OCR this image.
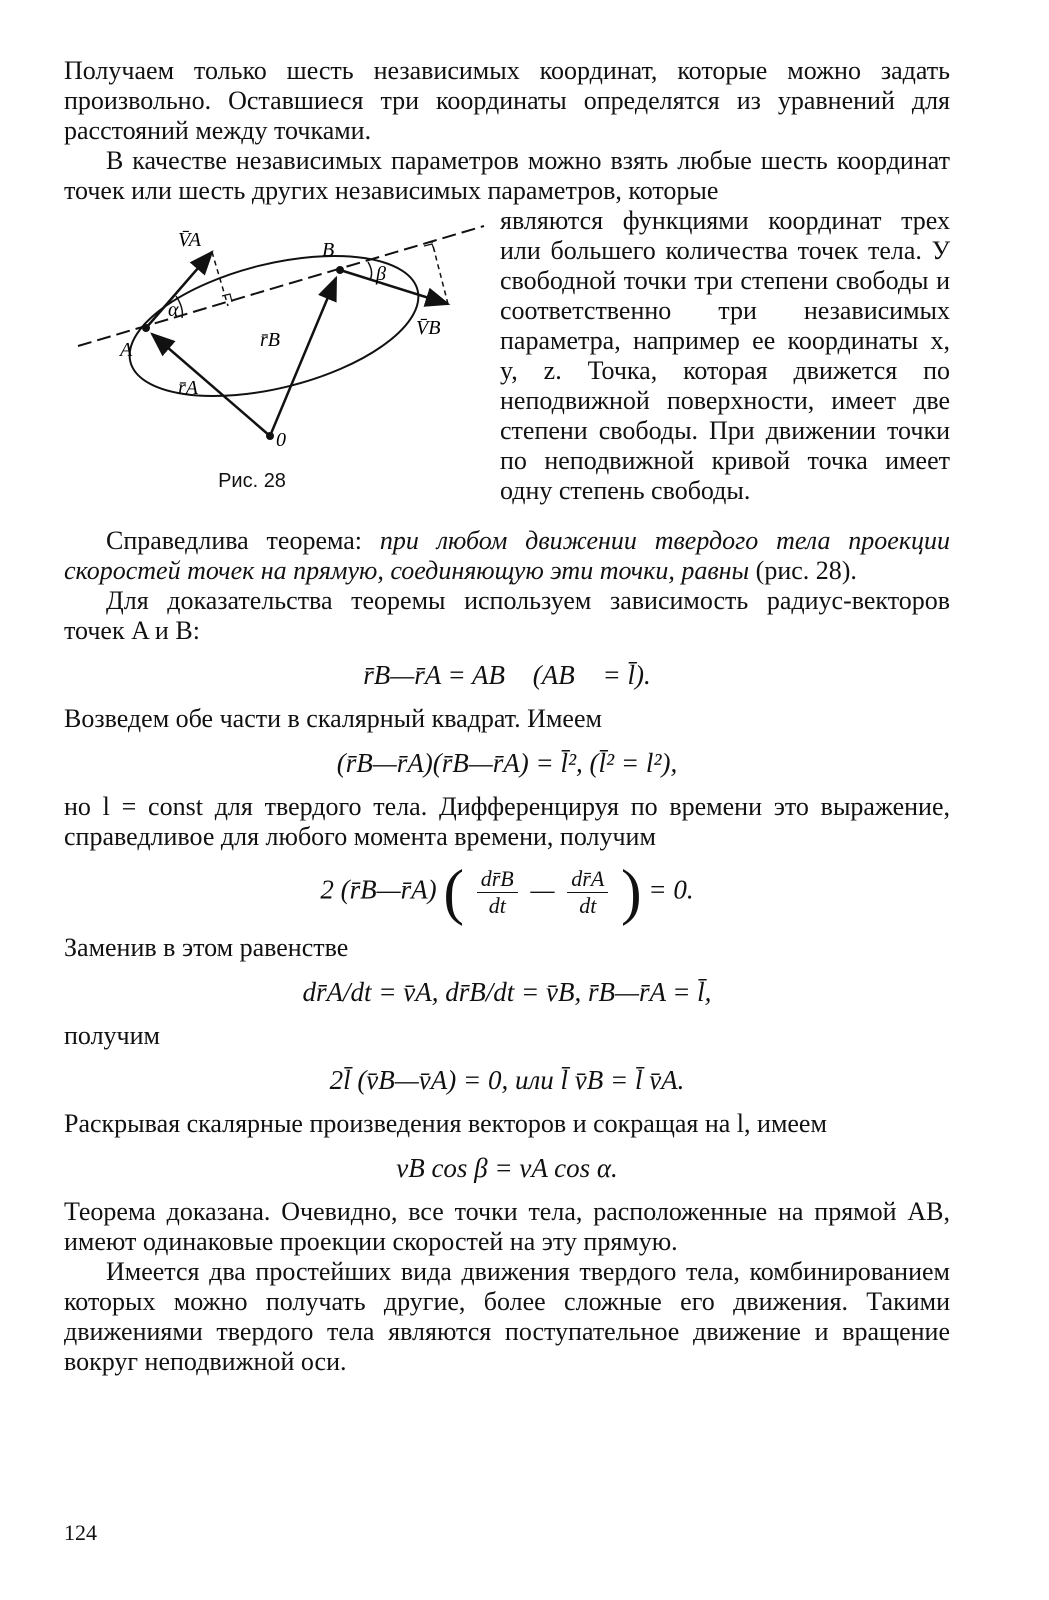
Получаем только шесть независимых координат, которые можно задать произвольно. Оставшиеся три координаты определятся из уравнений для расстояний между точками.

В качестве независимых параметров можно взять любые шесть координат точек или шесть других независимых параметров, которые

A
B
0
V̄A
V̄B
r̄A
r̄B
α
β
Рис. 28

являются функциями координат трех или большего количества точек тела. У свободной точки три степени свободы и соответственно три независимых параметра, например ее координаты x, y, z. Точка, которая движется по неподвижной поверхности, имеет две степени свободы. При движении точки по неподвижной кривой точка имеет одну степень свободы.

Справедлива теорема: при любом движении твердого тела проекции скоростей точек на прямую, соединяющую эти точки, равны (рис. 28).

Для доказательства теоремы используем зависимость радиус-векторов точек A и B:

r̄B—r̄A = AB⃗ (AB⃗ = l̄).

Возведем обе части в скалярный квадрат. Имеем

(r̄B—r̄A)(r̄B—r̄A) = l̄², (l̄² = l²),

но l = const для твердого тела. Дифференцируя по времени это выражение, справедливое для любого момента времени, получим

2 (r̄B—r̄A) ( $\frac{dr̄B}{dt}$ — $\frac{dr̄A}{dt}$ ) = 0.

Заменив в этом равенстве

dr̄A/dt = v̄A, dr̄B/dt = v̄B, r̄B—r̄A = l̄,

получим

2l̄ (v̄B—v̄A) = 0, или l̄ v̄B = l̄ v̄A.

Раскрывая скалярные произведения векторов и сокращая на l, имеем

vB cos β = vA cos α.

Теорема доказана. Очевидно, все точки тела, расположенные на прямой AB, имеют одинаковые проекции скоростей на эту прямую.

Имеется два простейших вида движения твердого тела, комбинированием которых можно получать другие, более сложные его движения. Такими движениями твердого тела являются поступательное движение и вращение вокруг неподвижной оси.

124
